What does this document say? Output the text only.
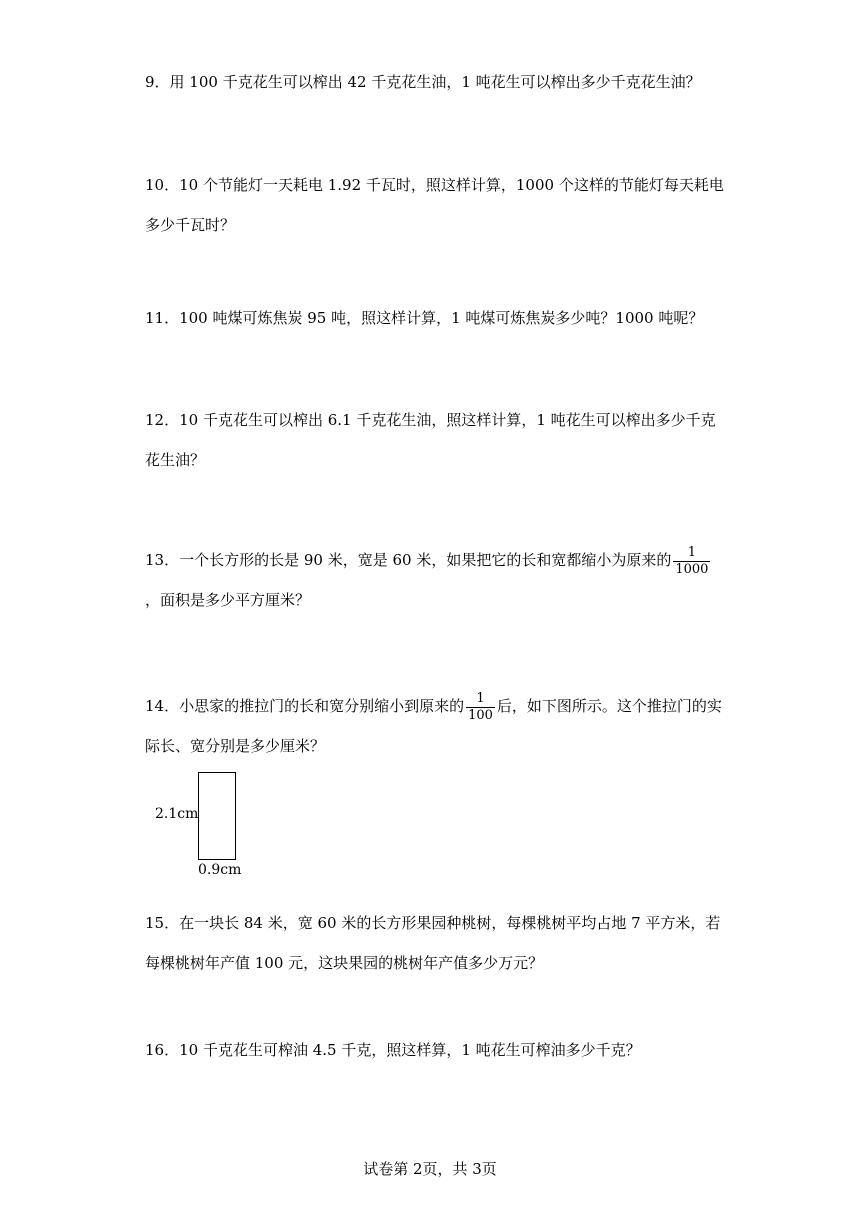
9．用 100 千克花生可以榨出 42 千克花生油，1 吨花生可以榨出多少千克花生油？

10．10 个节能灯一天耗电 1.92 千瓦时，照这样计算，1000 个这样的节能灯每天耗电多少千瓦时？

11．100 吨煤可炼焦炭 95 吨，照这样计算，1 吨煤可炼焦炭多少吨？1000 吨呢？

12．10 千克花生可以榨出 6.1 千克花生油，照这样计算，1 吨花生可以榨出多少千克花生油？

13．一个长方形的长是 90 米，宽是 60 米，如果把它的长和宽都缩小为原来的 $\frac{1}{1000}$
，面积是多少平方厘米？

14．小思家的推拉门的长和宽分别缩小到原来的 $\frac{1}{100}$ 后，如下图所示。这个推拉门的实际长、宽分别是多少厘米？

2.1cm
0.9cm

15．在一块长 84 米，宽 60 米的长方形果园种桃树，每棵桃树平均占地 7 平方米，若每棵桃树年产值 100 元，这块果园的桃树年产值多少万元？

16．10 千克花生可榨油 4.5 千克，照这样算，1 吨花生可榨油多少千克？

试卷第 2页，共 3页
